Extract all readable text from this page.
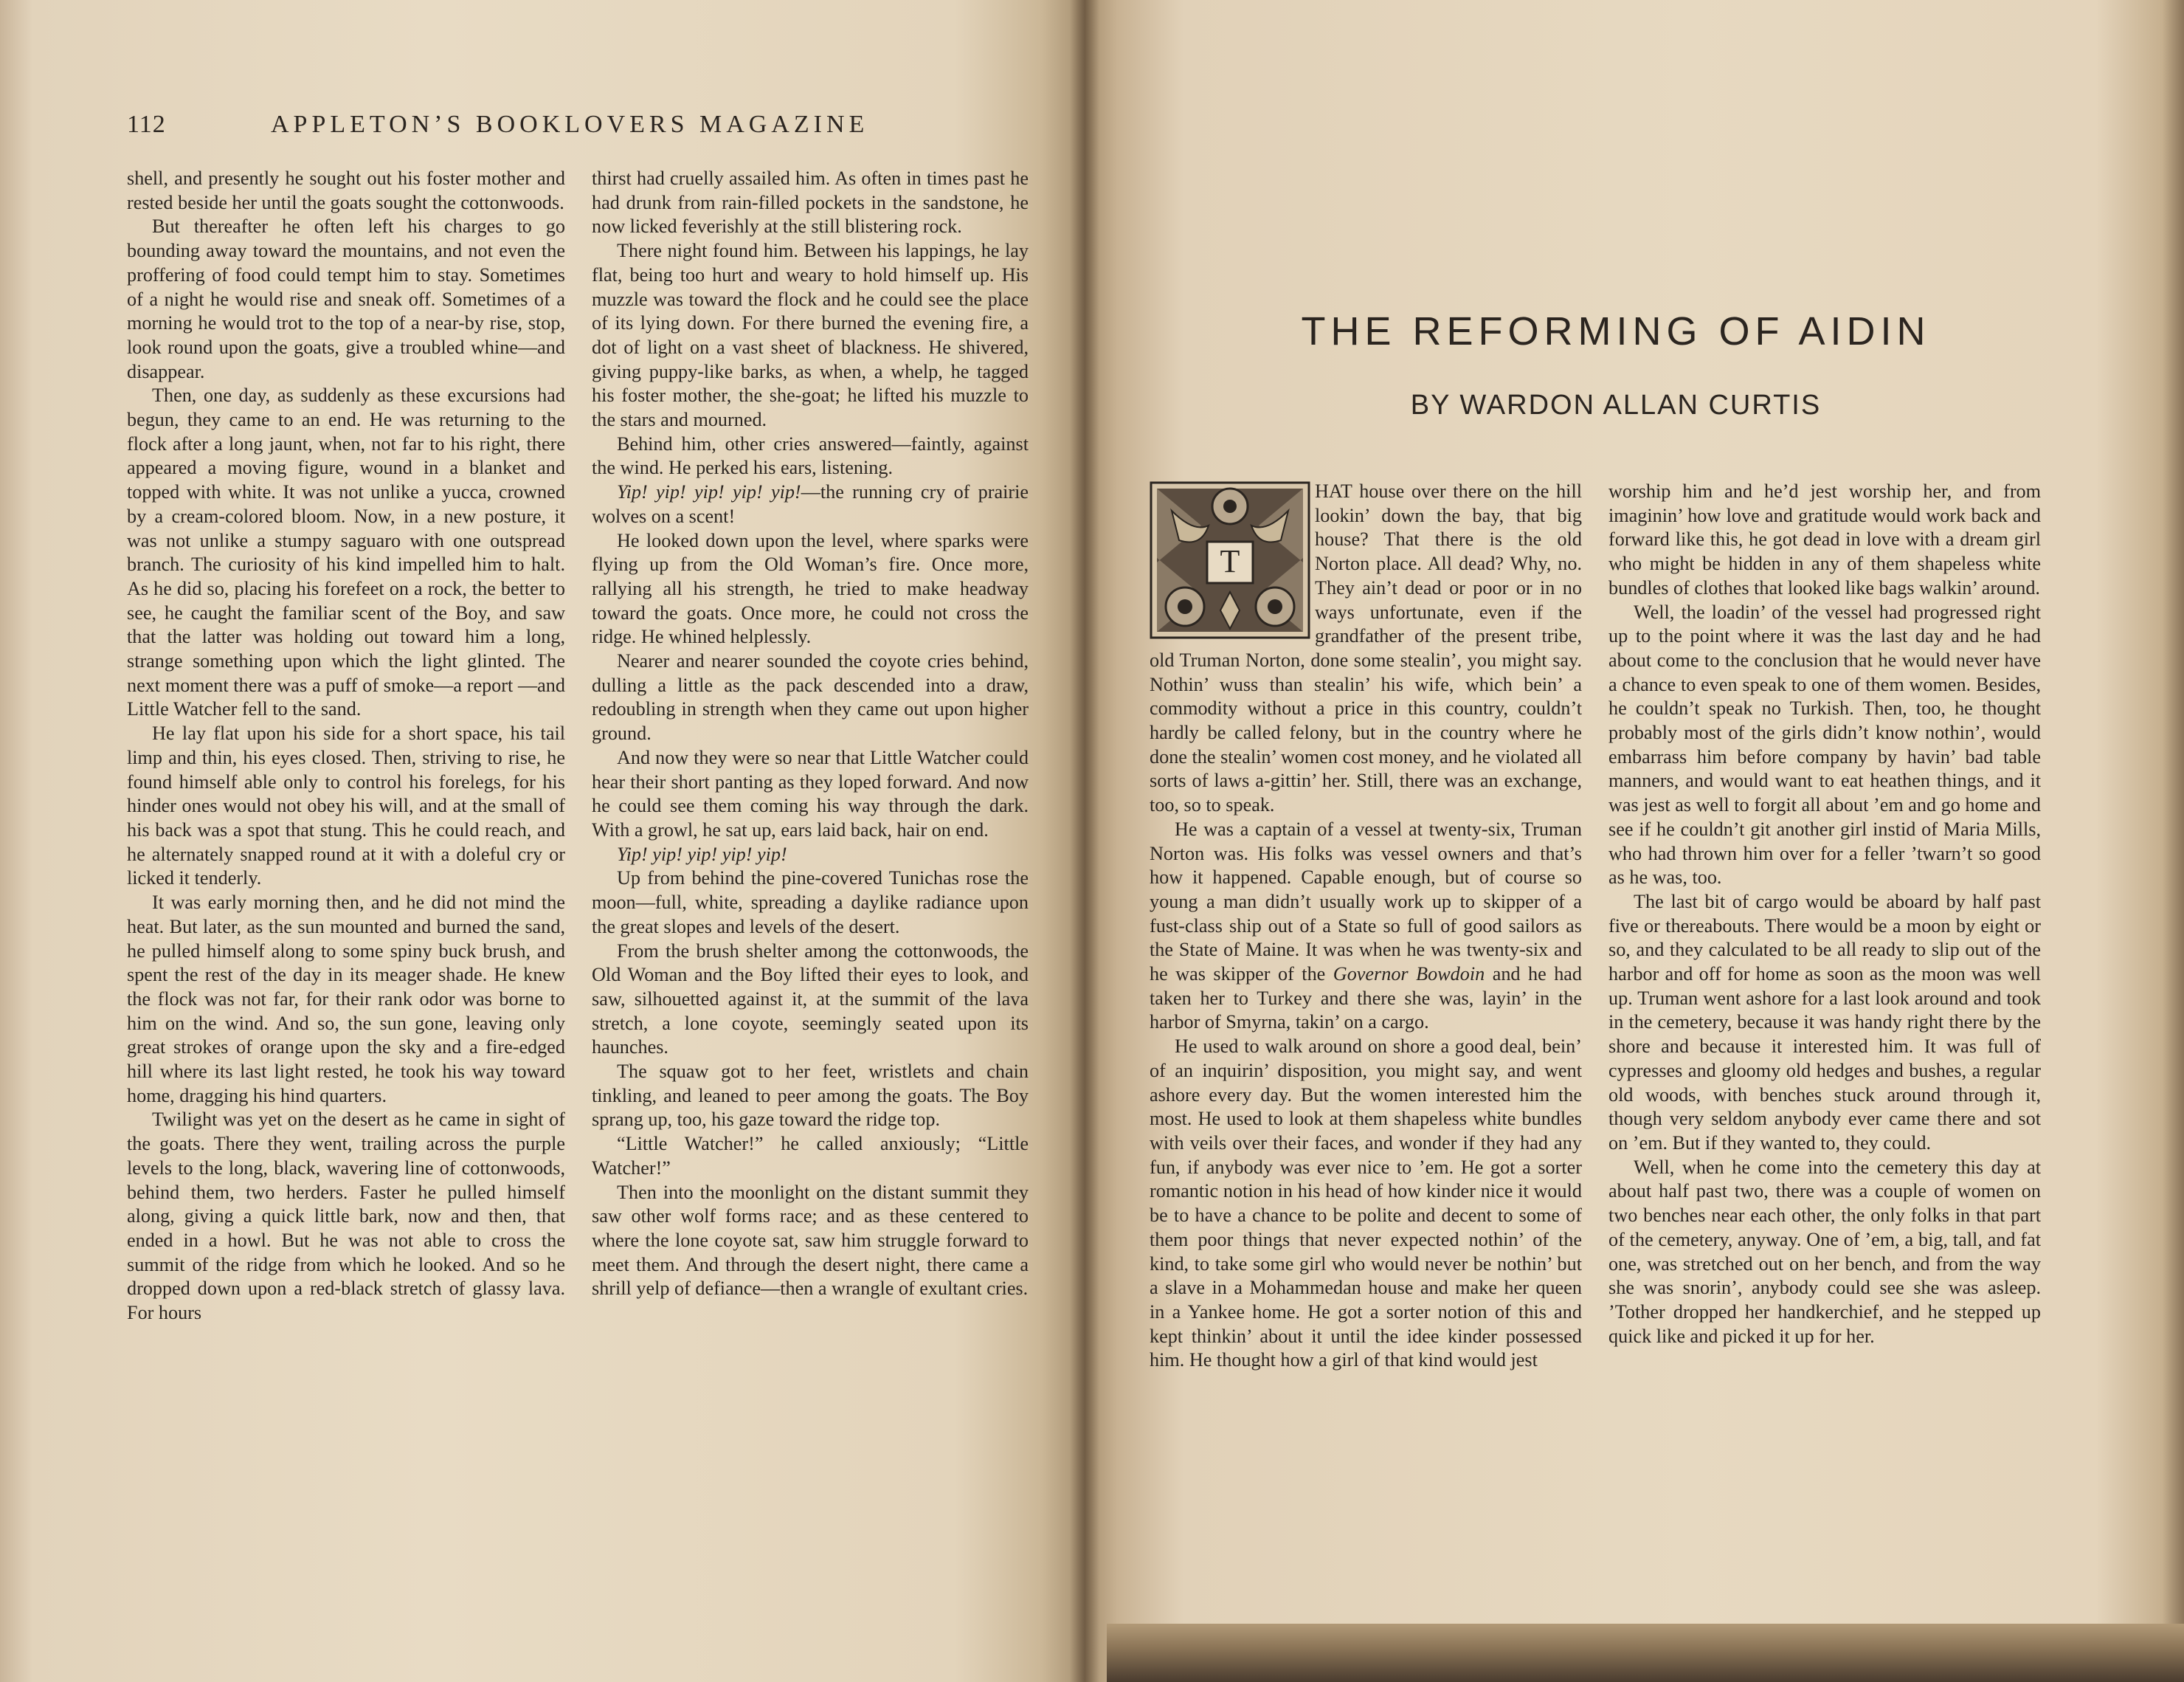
112	APPLETON’S BOOKLOVERS MAGAZINE

shell, and presently he sought out his foster mother and rested beside her until the goats sought the cottonwoods.

But thereafter he often left his charges to go bounding away toward the mountains, and not even the proffering of food could tempt him to stay. Sometimes of a night he would rise and sneak off. Sometimes of a morning he would trot to the top of a near-by rise, stop, look round upon the goats, give a troubled whine—and disappear.

Then, one day, as suddenly as these excursions had begun, they came to an end. He was returning to the flock after a long jaunt, when, not far to his right, there appeared a moving figure, wound in a blanket and topped with white. It was not unlike a yucca, crowned by a cream-colored bloom. Now, in a new posture, it was not unlike a stumpy saguaro with one outspread branch. The curiosity of his kind impelled him to halt. As he did so, placing his forefeet on a rock, the better to see, he caught the familiar scent of the Boy, and saw that the latter was holding out toward him a long, strange something upon which the light glinted. The next moment there was a puff of smoke—a report —and Little Watcher fell to the sand.

He lay flat upon his side for a short space, his tail limp and thin, his eyes closed. Then, striving to rise, he found himself able only to control his forelegs, for his hinder ones would not obey his will, and at the small of his back was a spot that stung. This he could reach, and he alternately snapped round at it with a doleful cry or licked it tenderly.

It was early morning then, and he did not mind the heat. But later, as the sun mounted and burned the sand, he pulled himself along to some spiny buck brush, and spent the rest of the day in its meager shade. He knew the flock was not far, for their rank odor was borne to him on the wind. And so, the sun gone, leaving only great strokes of orange upon the sky and a fire-edged hill where its last light rested, he took his way toward home, dragging his hind quarters.

Twilight was yet on the desert as he came in sight of the goats. There they went, trailing across the purple levels to the long, black, wavering line of cottonwoods, behind them, two herders. Faster he pulled himself along, giving a quick little bark, now and then, that ended in a howl. But he was not able to cross the summit of the ridge from which he looked. And so he dropped down upon a red-black stretch of glassy lava. For hours

thirst had cruelly assailed him. As often in times past he had drunk from rain-filled pockets in the sandstone, he now licked feverishly at the still blistering rock.

There night found him. Between his lappings, he lay flat, being too hurt and weary to hold himself up. His muzzle was toward the flock and he could see the place of its lying down. For there burned the evening fire, a dot of light on a vast sheet of blackness. He shivered, giving puppy-like barks, as when, a whelp, he tagged his foster mother, the she-goat; he lifted his muzzle to the stars and mourned.

Behind him, other cries answered—faintly, against the wind. He perked his ears, listening.

Yip! yip! yip! yip! yip!—the running cry of prairie wolves on a scent!

He looked down upon the level, where sparks were flying up from the Old Woman’s fire. Once more, rallying all his strength, he tried to make headway toward the goats. Once more, he could not cross the ridge. He whined helplessly.

Nearer and nearer sounded the coyote cries behind, dulling a little as the pack descended into a draw, redoubling in strength when they came out upon higher ground.

And now they were so near that Little Watcher could hear their short panting as they loped forward. And now he could see them coming his way through the dark. With a growl, he sat up, ears laid back, hair on end.

Yip! yip! yip! yip! yip!

Up from behind the pine-covered Tunichas rose the moon—full, white, spreading a daylike radiance upon the great slopes and levels of the desert.

From the brush shelter among the cottonwoods, the Old Woman and the Boy lifted their eyes to look, and saw, silhouetted against it, at the summit of the lava stretch, a lone coyote, seemingly seated upon its haunches.

The squaw got to her feet, wristlets and chain tinkling, and leaned to peer among the goats. The Boy sprang up, too, his gaze toward the ridge top.

“Little Watcher!” he called anxiously; “Little Watcher!”

Then into the moonlight on the distant summit they saw other wolf forms race; and as these centered to where the lone coyote sat, saw him struggle forward to meet them. And through the desert night, there came a shrill yelp of defiance—then a wrangle of exultant cries.

THE REFORMING OF AIDIN
BY WARDON ALLAN CURTIS
T

HAT house over there on the hill lookin’ down the bay, that big house? That there is the old Norton place. All dead? Why, no. They ain’t dead or poor or in no ways unfortunate, even if the grandfather of the present tribe, old Truman Norton, done some stealin’, you might say. Nothin’ wuss than stealin’ his wife, which bein’ a commodity without a price in this country, couldn’t hardly be called felony, but in the country where he done the stealin’ women cost money, and he violated all sorts of laws a-gittin’ her. Still, there was an exchange, too, so to speak.

He was a captain of a vessel at twenty-six, Truman Norton was. His folks was vessel owners and that’s how it happened. Capable enough, but of course so young a man didn’t usually work up to skipper of a fust-class ship out of a State so full of good sailors as the State of Maine. It was when he was twenty-six and he was skipper of the Governor Bowdoin and he had taken her to Turkey and there she was, layin’ in the harbor of Smyrna, takin’ on a cargo.

He used to walk around on shore a good deal, bein’ of an inquirin’ disposition, you might say, and went ashore every day. But the women interested him the most. He used to look at them shapeless white bundles with veils over their faces, and wonder if they had any fun, if anybody was ever nice to ’em. He got a sorter romantic notion in his head of how kinder nice it would be to have a chance to be polite and decent to some of them poor things that never expected nothin’ of the kind, to take some girl who would never be nothin’ but a slave in a Mohammedan house and make her queen in a Yankee home. He got a sorter notion of this and kept thinkin’ about it until the idee kinder possessed him. He thought how a girl of that kind would jest

worship him and he’d jest worship her, and from imaginin’ how love and gratitude would work back and forward like this, he got dead in love with a dream girl who might be hidden in any of them shapeless white bundles of clothes that looked like bags walkin’ around.

Well, the loadin’ of the vessel had progressed right up to the point where it was the last day and he had about come to the conclusion that he would never have a chance to even speak to one of them women. Besides, he couldn’t speak no Turkish. Then, too, he thought probably most of the girls didn’t know nothin’, would embarrass him before company by havin’ bad table manners, and would want to eat heathen things, and it was jest as well to forgit all about ’em and go home and see if he couldn’t git another girl instid of Maria Mills, who had thrown him over for a feller ’twarn’t so good as he was, too.

The last bit of cargo would be aboard by half past five or thereabouts. There would be a moon by eight or so, and they calculated to be all ready to slip out of the harbor and off for home as soon as the moon was well up. Truman went ashore for a last look around and took in the cemetery, because it was handy right there by the shore and because it interested him. It was full of cypresses and gloomy old hedges and bushes, a regular old woods, with benches stuck around through it, though very seldom anybody ever came there and sot on ’em. But if they wanted to, they could.

Well, when he come into the cemetery this day at about half past two, there was a couple of women on two benches near each other, the only folks in that part of the cemetery, anyway. One of ’em, a big, tall, and fat one, was stretched out on her bench, and from the way she was snorin’, anybody could see she was asleep. ’Tother dropped her handkerchief, and he stepped up quick like and picked it up for her.
